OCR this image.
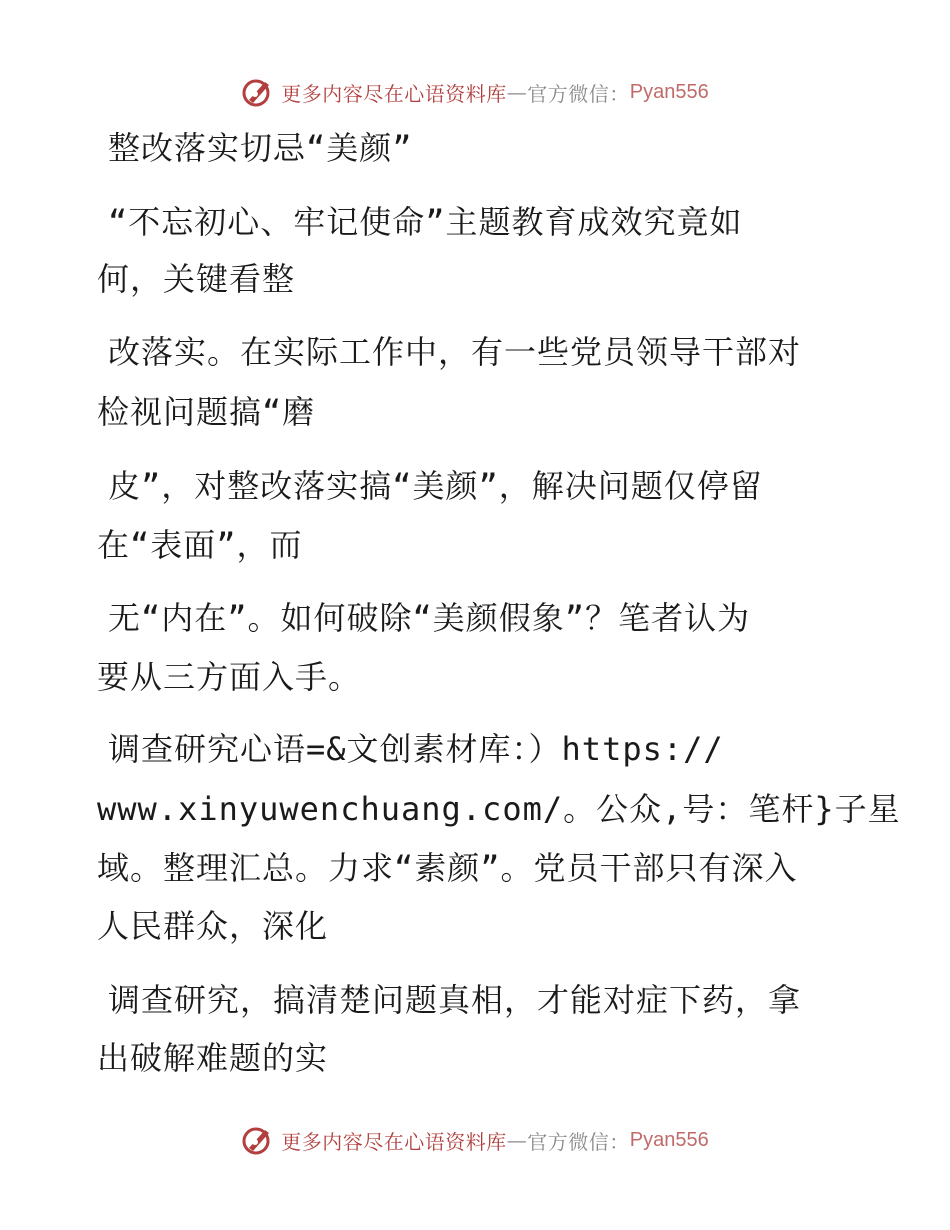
更多内容尽在心语资料库 — 官方微信： Pyan556
整改落实切忌“美颜”
“不忘初心、牢记使命”主题教育成效究竟如
何，关键看整
改落实。在实际工作中，有一些党员领导干部对
检视问题搞“磨
皮”，对整改落实搞“美颜”，解决问题仅停留
在“表面”，而
无“内在”。如何破除“美颜假象”？笔者认为
要从三方面入手。
调查研究心语=&文创素材库：）https://
www.xinyuwenchuang.com/。公众,号：笔杆}子星
域。整理汇总。力求“素颜”。党员干部只有深入
人民群众，深化
调查研究，搞清楚问题真相，才能对症下药，拿
出破解难题的实
更多内容尽在心语资料库 — 官方微信： Pyan556
